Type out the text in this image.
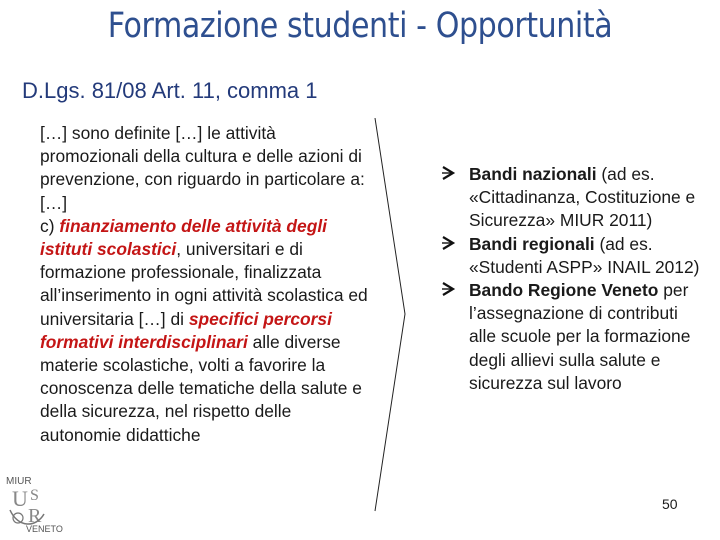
Formazione studenti - Opportunità
D.Lgs. 81/08 Art. 11, comma 1
[…] sono definite […] le attività promozionali della cultura e delle azioni di prevenzione, con riguardo in particolare a:
[…]
c) finanziamento delle attività degli istituti scolastici, universitari e di formazione professionale, finalizzata all’inserimento in ogni attività scolastica ed universitaria […] di specifici percorsi formativi interdisciplinari alle diverse materie scolastiche, volti a favorire la conoscenza delle tematiche della salute e della sicurezza, nel rispetto delle autonomie didattiche
Bandi nazionali (ad es. «Cittadinanza, Costituzione e Sicurezza» MIUR 2011)
Bandi regionali (ad es. «Studenti ASPP» INAIL 2012)
Bando Regione Veneto per l’assegnazione di contributi alle scuole per la formazione degli allievi sulla salute e sicurezza sul lavoro
50
MIUR
U S
R
VENETO
